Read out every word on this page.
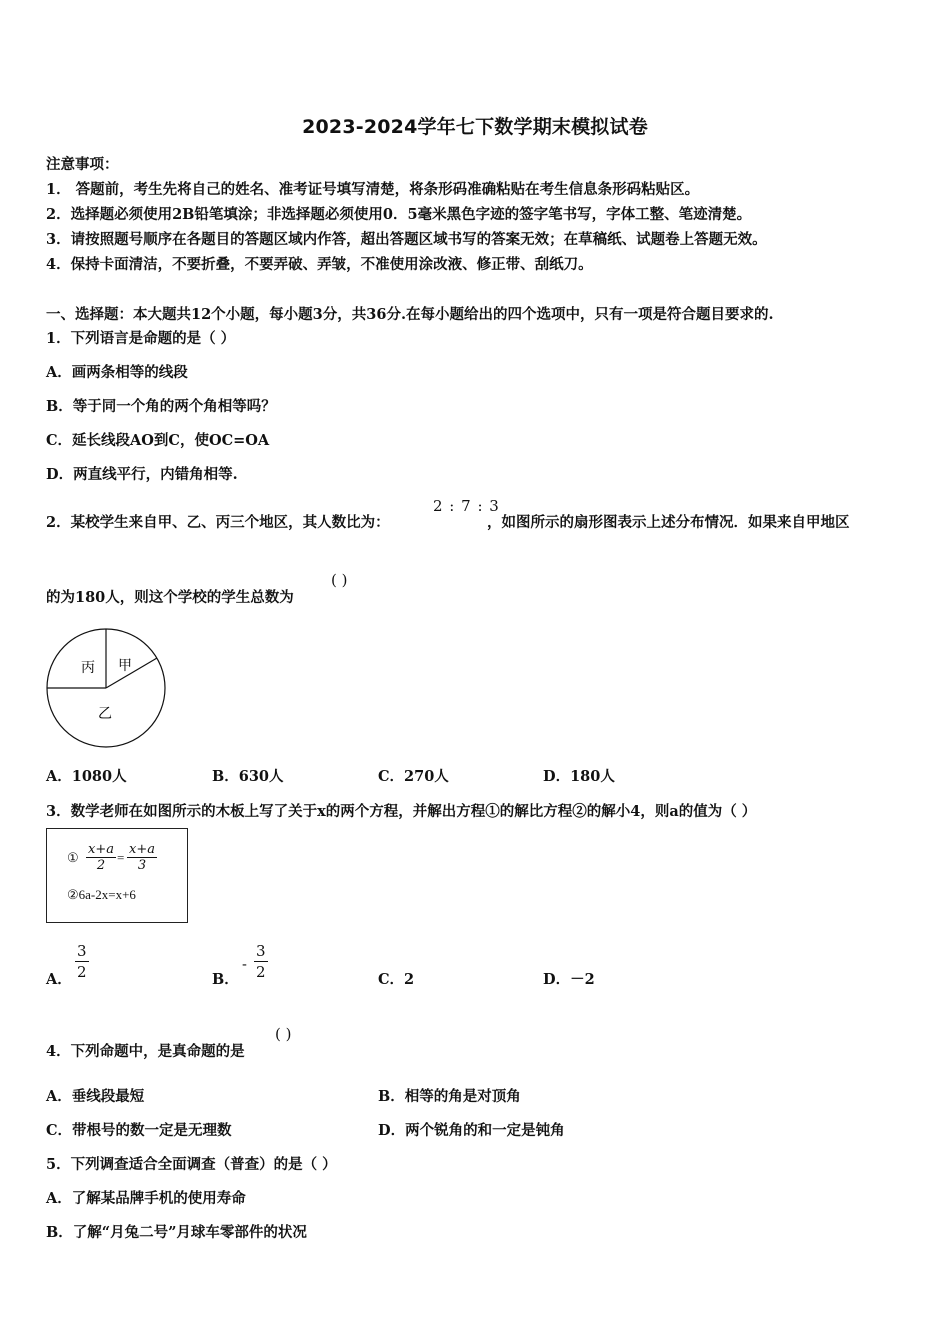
2023-2024学年七下数学期末模拟试卷
注意事项：
1． 答题前，考生先将自己的姓名、准考证号填写清楚，将条形码准确粘贴在考生信息条形码粘贴区。
2．选择题必须使用2B铅笔填涂；非选择题必须使用0．5毫米黑色字迹的签字笔书写，字体工整、笔迹清楚。
3．请按照题号顺序在各题目的答题区域内作答，超出答题区域书写的答案无效；在草稿纸、试题卷上答题无效。
4．保持卡面清洁，不要折叠，不要弄破、弄皱，不准使用涂改液、修正带、刮纸刀。
一、选择题：本大题共12个小题，每小题3分，共36分.在每小题给出的四个选项中，只有一项是符合题目要求的.
1．下列语言是命题的是（ ）
A．画两条相等的线段
B．等于同一个角的两个角相等吗？
C．延长线段AO到C，使OC=OA
D．两直线平行，内错角相等.
2．某校学生来自甲、乙、丙三个地区，其人数比为：
2 : 7 : 3
，如图所示的扇形图表示上述分布情况．如果来自甲地区
的为180人，则这个学校的学生总数为
( )
丙 甲
乙
A．1080人	B．630人	C．270人	D．180人
3．数学老师在如图所示的木板上写了关于x的两个方程，并解出方程①的解比方程②的解小4，则a的值为（ ）
① $\frac{x+a}{2} = \frac{x+a}{3}$
②6a-2x=x+6
A． $\frac{3}{2}$	B．
- $\frac{3}{2}$	C．2	D．－2
4．下列命题中，是真命题的是
( )
A．垂线段最短	B．相等的角是对顶角
C．带根号的数一定是无理数	D．两个锐角的和一定是钝角
5．下列调查适合全面调查（普查）的是（ ）
A．了解某品牌手机的使用寿命
B．了解“月兔二号”月球车零部件的状况
